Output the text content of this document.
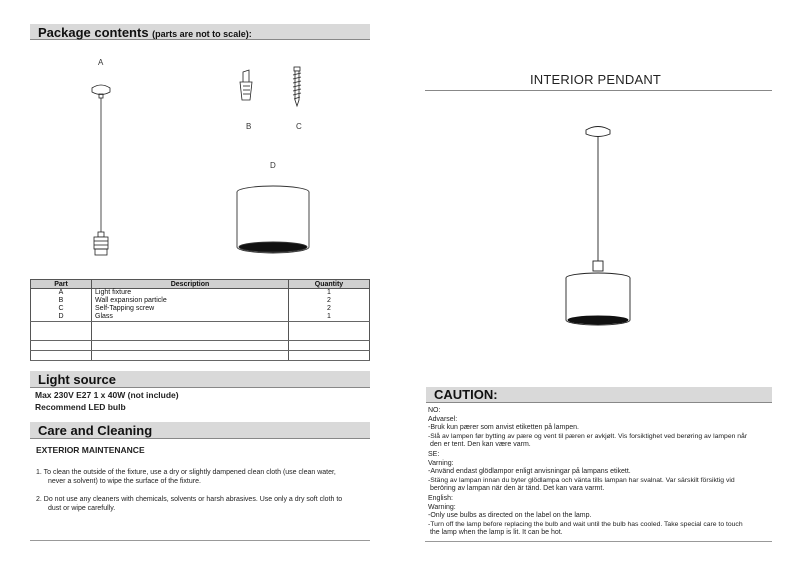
Package contents (parts are not to scale):
A
B	C
D
Part	Description	Quantity
A	Light fixture	1
B	Wall expansion particle	2
C	Self-Tapping screw	2
D	Glass	1

Light source
Max 230V E27 1 x 40W (not include)
Recommend LED bulb
Care and Cleaning
EXTERIOR MAINTENANCE
1. To clean the outside of the fixture, use a dry or slightly dampened clean cloth (use clean water,
never a solvent) to wipe the surface of the fixture.
2. Do not use any cleaners with chemicals, solvents or harsh abrasives. Use only a dry soft cloth to
dust or wipe carefully.
INTERIOR PENDANT
CAUTION:
NO:
Advarsel:
-Bruk kun pærer som anvist etiketten på lampen.
-Slå av lampen før bytting av pære og vent til pæren er avkjølt. Vis forsiktighet ved berøring av lampen når
den er tent. Den kan være varm.
SE:
Varning:
-Använd endast glödlampor enligt anvisningar på lampans etikett.
-Stäng av lampan innan du byter glödlampa och vänta tills lampan har svalnat. Var särskilt försiktig vid
beröring av lampan när den är tänd. Det kan vara varmt.
English:
Warning:
-Only use bulbs as directed on the label on the lamp.
-Turn off the lamp before replacing the bulb and wait until the bulb has cooled. Take special care to touch
the lamp when the lamp is lit. It can be hot.
